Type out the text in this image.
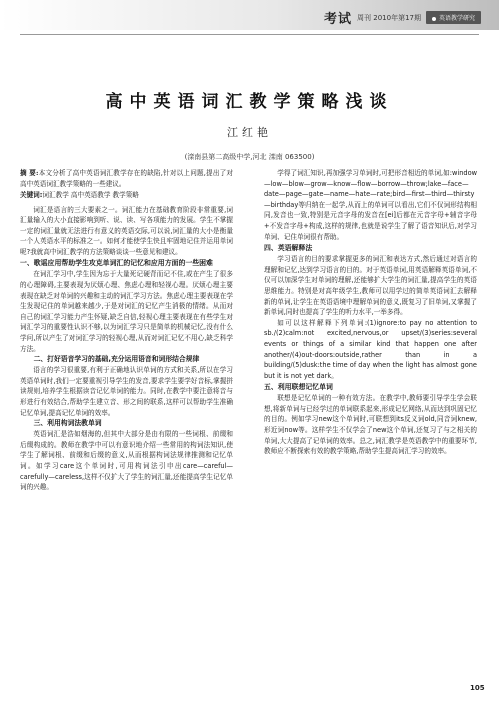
考试 周刊 2010年第17期	英语教学研究
高中英语词汇教学策略浅谈
江红艳
(滦南县第二高级中学,河北 滦南 063500)

摘 要:本文分析了高中英语词汇教学存在的缺陷,针对以上问题,提出了对高中英语词汇教学策略的一些建议。

关键词:词汇教学 高中英语教学 教学策略

词汇是语言的三大要素之一。词汇能力在基础教育阶段非常重要,词汇量输入的大小直接影响到听、说、读、写各项能力的发展。学生不掌握一定的词汇量就无法进行有意义的英语交际,可以说,词汇量的大小是衡量一个人英语水平的标准之一。如何才能使学生快且牢固地记住并运用单词呢?我就高中词汇教学的方法策略谈谈一些意见和建议。

一、歌谣应用帮助学生攻克单词汇的记忆和应用方面的一些困难

在词汇学习中,学生因为忘于大量死记硬背而记不住,或在产生了很多的心理障碍,主要表现为厌烦心理、焦虑心理和轻视心理。厌烦心理主要表现在缺乏对单词的兴趣和主动的词汇学习方法。焦虑心理主要表现在学生发现记住的单词越来越少,于是对词汇的记忆产生消极的情绪。从而对自己的词汇学习能力产生怀疑,缺乏自信,轻视心理主要表现在有些学生对词汇学习的重要性认识不够,以为词汇学习只是简单的机械记忆,没有什么学问,所以产生了对词汇学习的轻视心理,从而对词汇记忆不用心,缺乏科学方法。

二、打好语音学习的基础,充分运用语音和词形结合规律

语言的学习很重要,有利于正确地认识单词的方式和关系,所以在学习英语单词时,我们一定要重视引导学生的发音,要求学生要学好音标,掌握拼读规则,培养学生根据读音记忆单词的能力。同时,在教学中要注意将音与形进行有效结合,帮助学生建立音、形之间的联系,这样可以帮助学生准确记忆单词,提高记忆单词的效率。

三、利用构词法教单词

英语词汇是浩如烟海的,但其中大部分是由有限的一些词根、前缀和后缀构成的。教师在教学中可以有意识地介绍一些常用的构词法知识,使学生了解词根、前缀和后缀的意义,从而根据构词法规律推测和记忆单词。如学习care这个单词时,可用构词法引申出care—careful—carefully—careless,这样不仅扩大了学生的词汇量,还能提高学生记忆单词的兴趣。

学得了词汇知识,再加强学习单词时,可把形音相近的单词,如:window—low—blow—grow—know—flow—borrow—throw;lake—face—date—page—gate—name—hate—rate;bird—first—third—thirsty—birthday等归纳在一起学,从而上的单词可以看出,它们不仅词形结构相同,发音也一致,特别是元音字母的发音在[ei]后都在元音字母+辅音字母+不发音字母+构成,这样的规律,也就是说学生了解了语音知识后,对学习单词、记住单词很有帮助。

四、英语解释法

学习语言的目的要求掌握更多的词汇和表达方式,然后通过对语言的理解和记忆,达到学习语言的目的。对于英语单词,用英语解释英语单词,不仅可以加深学生对单词的理解,还能够扩大学生的词汇量,提高学生的英语思维能力。特别是对高年级学生,教师可以用学过的简单英语词汇去解释新的单词,让学生在英语语境中理解单词的意义,既复习了旧单词,又掌握了新单词,同时也提高了学生的听力水平,一举多得。

如可以这样解释下列单词:(1)ignore:to pay no attention to sb./(2)calm:not excited,nervous,or upset/(3)series:several events or things of a similar kind that happen one after another/(4)out-doors:outside,rather than in a building/(5)dusk:the time of day when the light has almost gone but it is not yet dark。

五、利用联想记忆单词

联想是记忆单词的一种有效方法。在教学中,教师要引导学生学会联想,将新单词与已经学过的单词联系起来,形成记忆网络,从而达到巩固记忆的目的。例如学习new这个单词时,可联想到its反义词old,同音词knew,形近词now等。这样学生不仅学会了new这个单词,还复习了与之相关的单词,大大提高了记单词的效率。总之,词汇教学是英语教学中的重要环节,教师应不断探索有效的教学策略,帮助学生提高词汇学习的效率。

105
